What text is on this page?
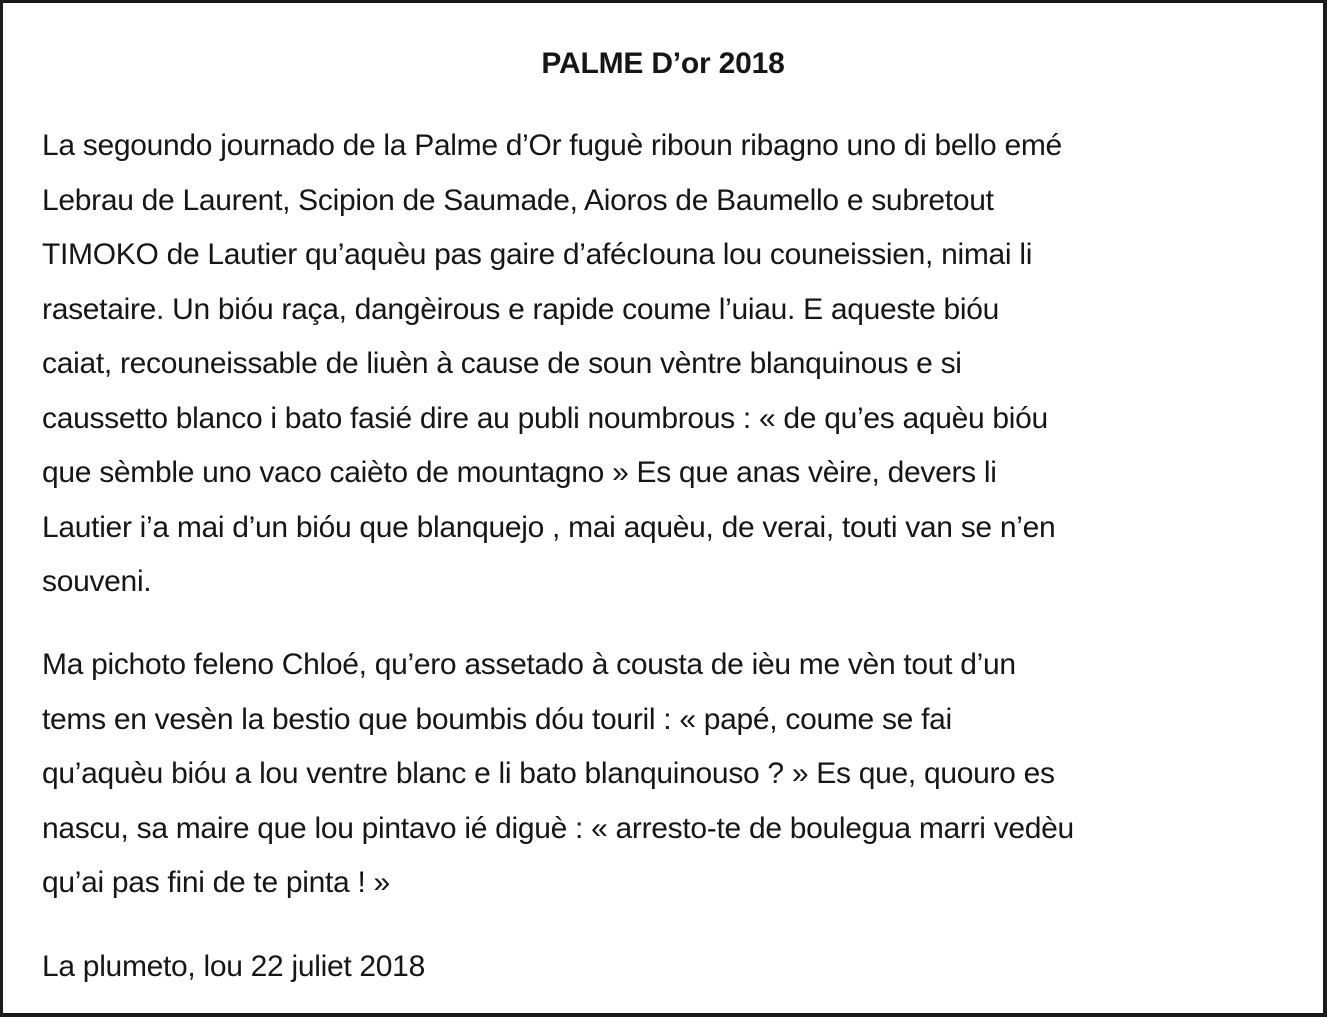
PALME D’or 2018

La segoundo journado de la Palme d’Or fuguè riboun ribagno uno di bello emé
Lebrau de Laurent, Scipion de Saumade, Aioros de Baumello e subretout
TIMOKO de Lautier qu’aquèu pas gaire d’afécIouna lou couneissien, nimai li
rasetaire. Un bióu raça, dangèirous e rapide coume l’uiau. E aqueste bióu
caiat, recouneissable de liuèn à cause de soun vèntre blanquinous e si
caussetto blanco i bato fasié dire au publi noumbrous : « de qu’es aquèu bióu
que sèmble uno vaco caièto de mountagno » Es que anas vèire, devers li
Lautier i’a mai d’un bióu que blanquejo , mai aquèu, de verai, touti van se n’en
souveni.

Ma pichoto feleno Chloé, qu’ero assetado à cousta de ièu me vèn tout d’un
tems en vesèn la bestio que boumbis dóu touril : « papé, coume se fai
qu’aquèu bióu a lou ventre blanc e li bato blanquinouso ? » Es que, quouro es
nascu, sa maire que lou pintavo ié diguè : « arresto-te de boulegua marri vedèu
qu’ai pas fini de te pinta ! »

La plumeto, lou 22 juliet 2018
